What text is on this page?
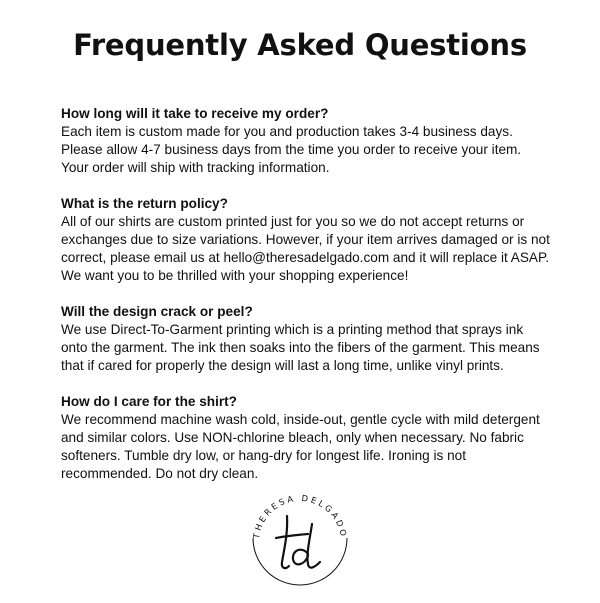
Frequently Asked Questions

How long will it take to receive my order?

Each item is custom made for you and production takes 3-4 business days.
Please allow 4-7 business days from the time you order to receive your item.
Your order will ship with tracking information.

What is the return policy?

All of our shirts are custom printed just for you so we do not accept returns or
exchanges due to size variations. However, if your item arrives damaged or is not
correct, please email us at hello@theresadelgado.com and it will replace it ASAP.
We want you to be thrilled with your shopping experience!

Will the design crack or peel?

We use Direct-To-Garment printing which is a printing method that sprays ink
onto the garment. The ink then soaks into the fibers of the garment. This means
that if cared for properly the design will last a long time, unlike vinyl prints.

How do I care for the shirt?

We recommend machine wash cold, inside-out, gentle cycle with mild detergent
and similar colors. Use NON-chlorine bleach, only when necessary. No fabric
softeners. Tumble dry low, or hang-dry for longest life. Ironing is not
recommended. Do not dry clean.
THERESA DELGADO
